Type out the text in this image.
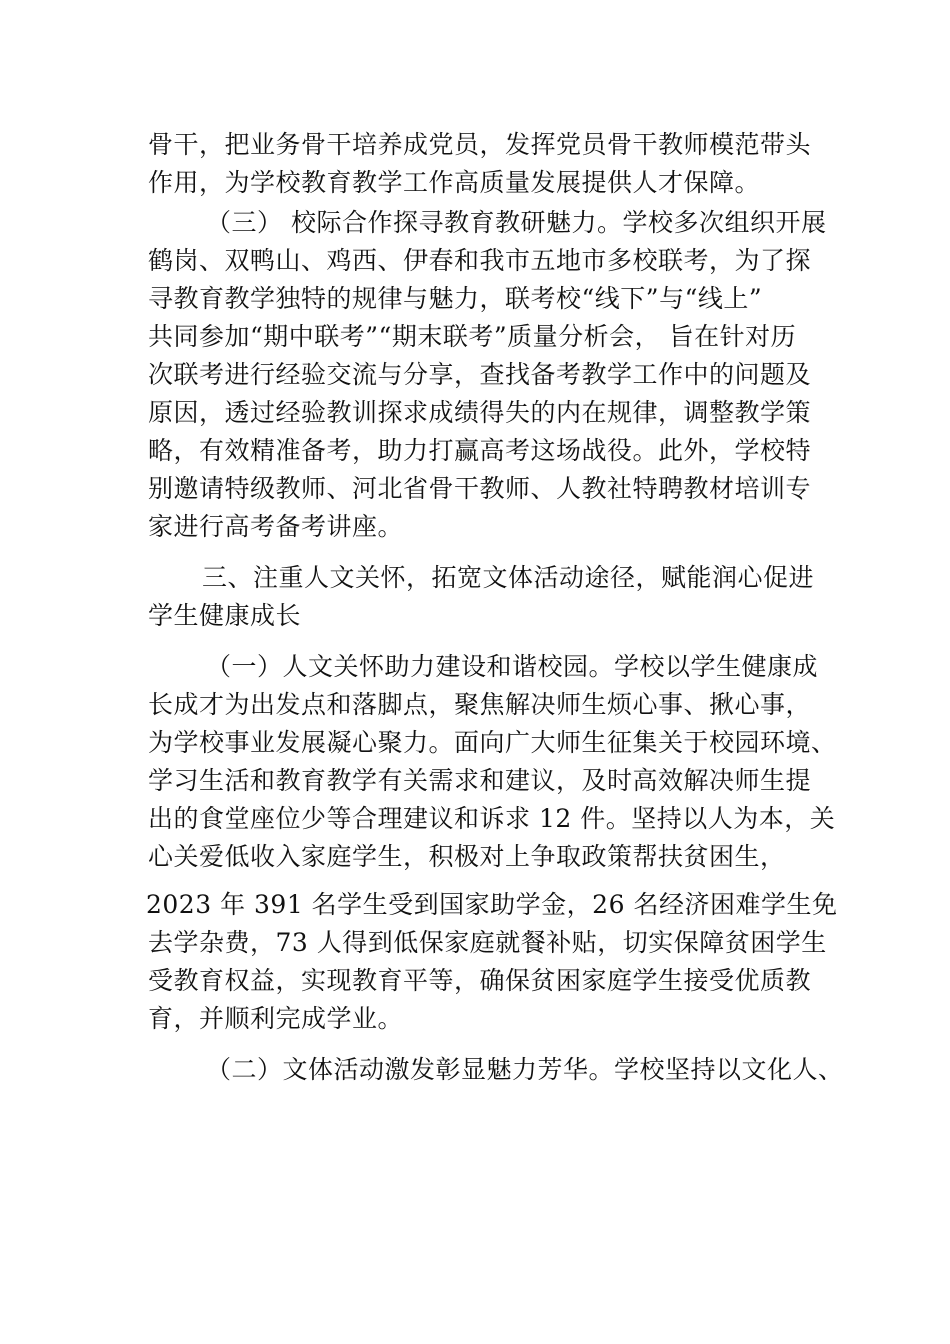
骨干，把业务骨干培养成党员，发挥党员骨干教师模范带头
作用，为学校教育教学工作高质量发展提供人才保障。
（三） 校际合作探寻教育教研魅力。学校多次组织开展
鹤岗、双鸭山、鸡西、伊春和我市五地市多校联考，为了探
寻教育教学独特的规律与魅力，联考校“线下”与“线上”
共同参加“期中联考”“期末联考”质量分析会， 旨在针对历
次联考进行经验交流与分享，查找备考教学工作中的问题及
原因，透过经验教训探求成绩得失的内在规律，调整教学策
略，有效精准备考，助力打赢高考这场战役。此外，学校特
别邀请特级教师、河北省骨干教师、人教社特聘教材培训专
家进行高考备考讲座。
三、注重人文关怀，拓宽文体活动途径，赋能润心促进
学生健康成长
（一）人文关怀助力建设和谐校园。学校以学生健康成
长成才为出发点和落脚点，聚焦解决师生烦心事、揪心事，
为学校事业发展凝心聚力。面向广大师生征集关于校园环境、
学习生活和教育教学有关需求和建议，及时高效解决师生提
出的食堂座位少等合理建议和诉求 12 件。坚持以人为本，关
心关爱低收入家庭学生，积极对上争取政策帮扶贫困生，
2023 年 391 名学生受到国家助学金，26 名经济困难学生免
去学杂费，73 人得到低保家庭就餐补贴，切实保障贫困学生
受教育权益，实现教育平等，确保贫困家庭学生接受优质教
育，并顺利完成学业。
（二）文体活动激发彰显魅力芳华。学校坚持以文化人、
